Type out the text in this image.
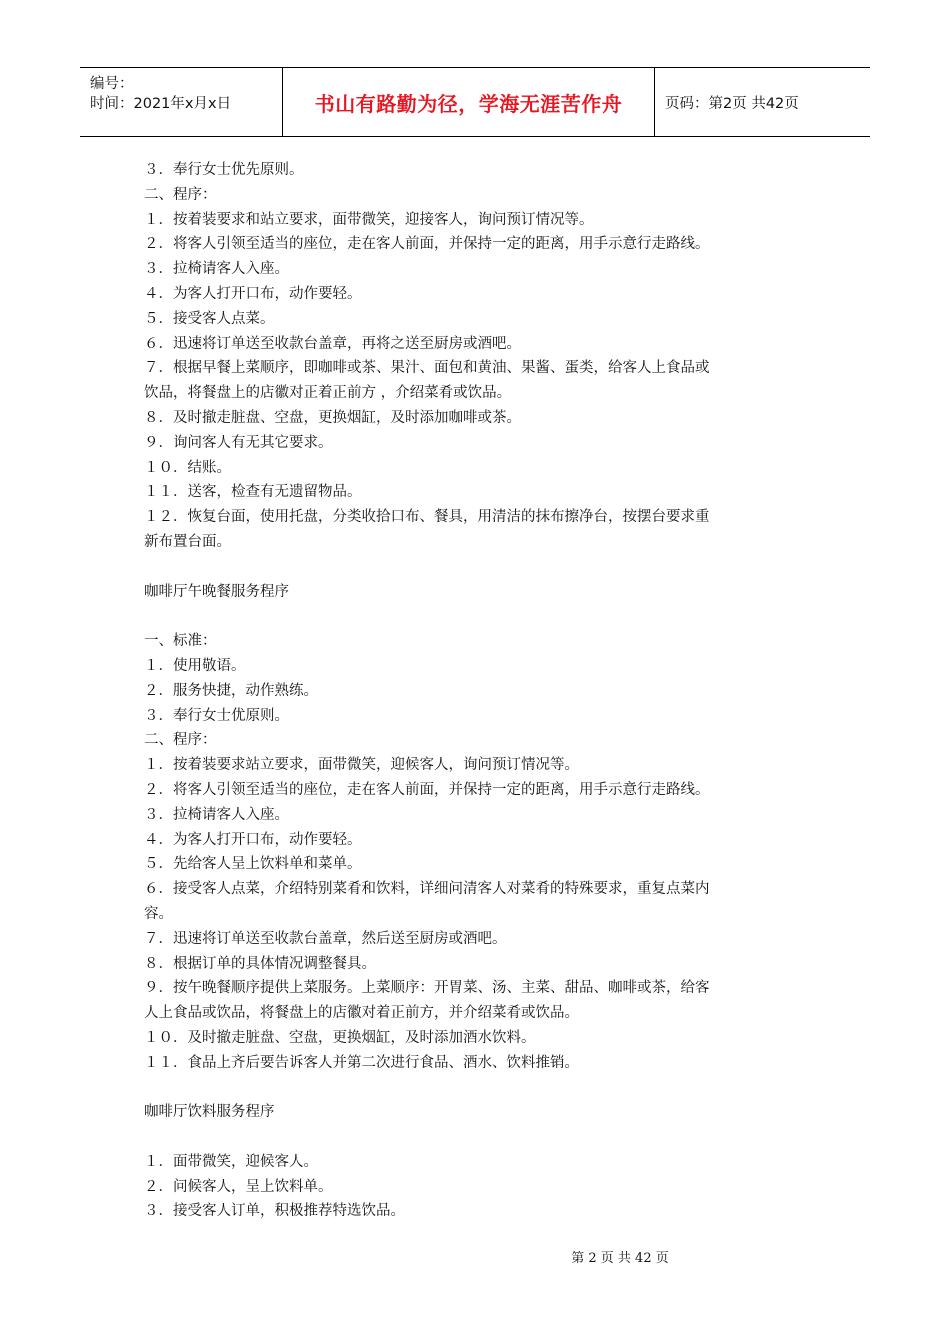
编号：
时间：2021年x月x日	书山有路勤为径，学海无涯苦作舟	页码：第2页 共42页
３．奉行女士优先原则。
二、程序：
１．按着装要求和站立要求，面带微笑，迎接客人，询问预订情况等。
２．将客人引领至适当的座位，走在客人前面，并保持一定的距离，用手示意行走路线。
３．拉椅请客人入座。
４．为客人打开口布，动作要轻。
５．接受客人点菜。
６．迅速将订单送至收款台盖章，再将之送至厨房或酒吧。
７．根据早餐上菜顺序，即咖啡或茶、果汁、面包和黄油、果酱、蛋类，给客人上食品或
饮品，将餐盘上的店徽对正着正前方 ，介绍菜肴或饮品。
８．及时撤走脏盘、空盘，更换烟缸，及时添加咖啡或茶。
９．询问客人有无其它要求。
１０．结账。
１１．送客，检查有无遗留物品。
１２．恢复台面，使用托盘，分类收拾口布、餐具，用清洁的抹布擦净台，按摆台要求重
新布置台面。
咖啡厅午晚餐服务程序
一、标准：
１．使用敬语。
２．服务快捷，动作熟练。
３．奉行女士优原则。
二、程序：
１．按着装要求站立要求，面带微笑，迎候客人，询问预订情况等。
２．将客人引领至适当的座位，走在客人前面，并保持一定的距离，用手示意行走路线。
３．拉椅请客人入座。
４．为客人打开口布，动作要轻。
５．先给客人呈上饮料单和菜单。
６．接受客人点菜，介绍特别菜肴和饮料，详细问清客人对菜肴的特殊要求，重复点菜内
容。
７．迅速将订单送至收款台盖章，然后送至厨房或酒吧。
８．根据订单的具体情况调整餐具。
９．按午晚餐顺序提供上菜服务。上菜顺序：开胃菜、汤、主菜、甜品、咖啡或茶，给客
人上食品或饮品，将餐盘上的店徽对着正前方，并介绍菜肴或饮品。
１０．及时撤走脏盘、空盘，更换烟缸，及时添加酒水饮料。
１１．食品上齐后要告诉客人并第二次进行食品、酒水、饮料推销。
咖啡厅饮料服务程序
１．面带微笑，迎候客人。
２．问候客人，呈上饮料单。
３．接受客人订单，积极推荐特选饮品。
第 2 页 共 42 页
